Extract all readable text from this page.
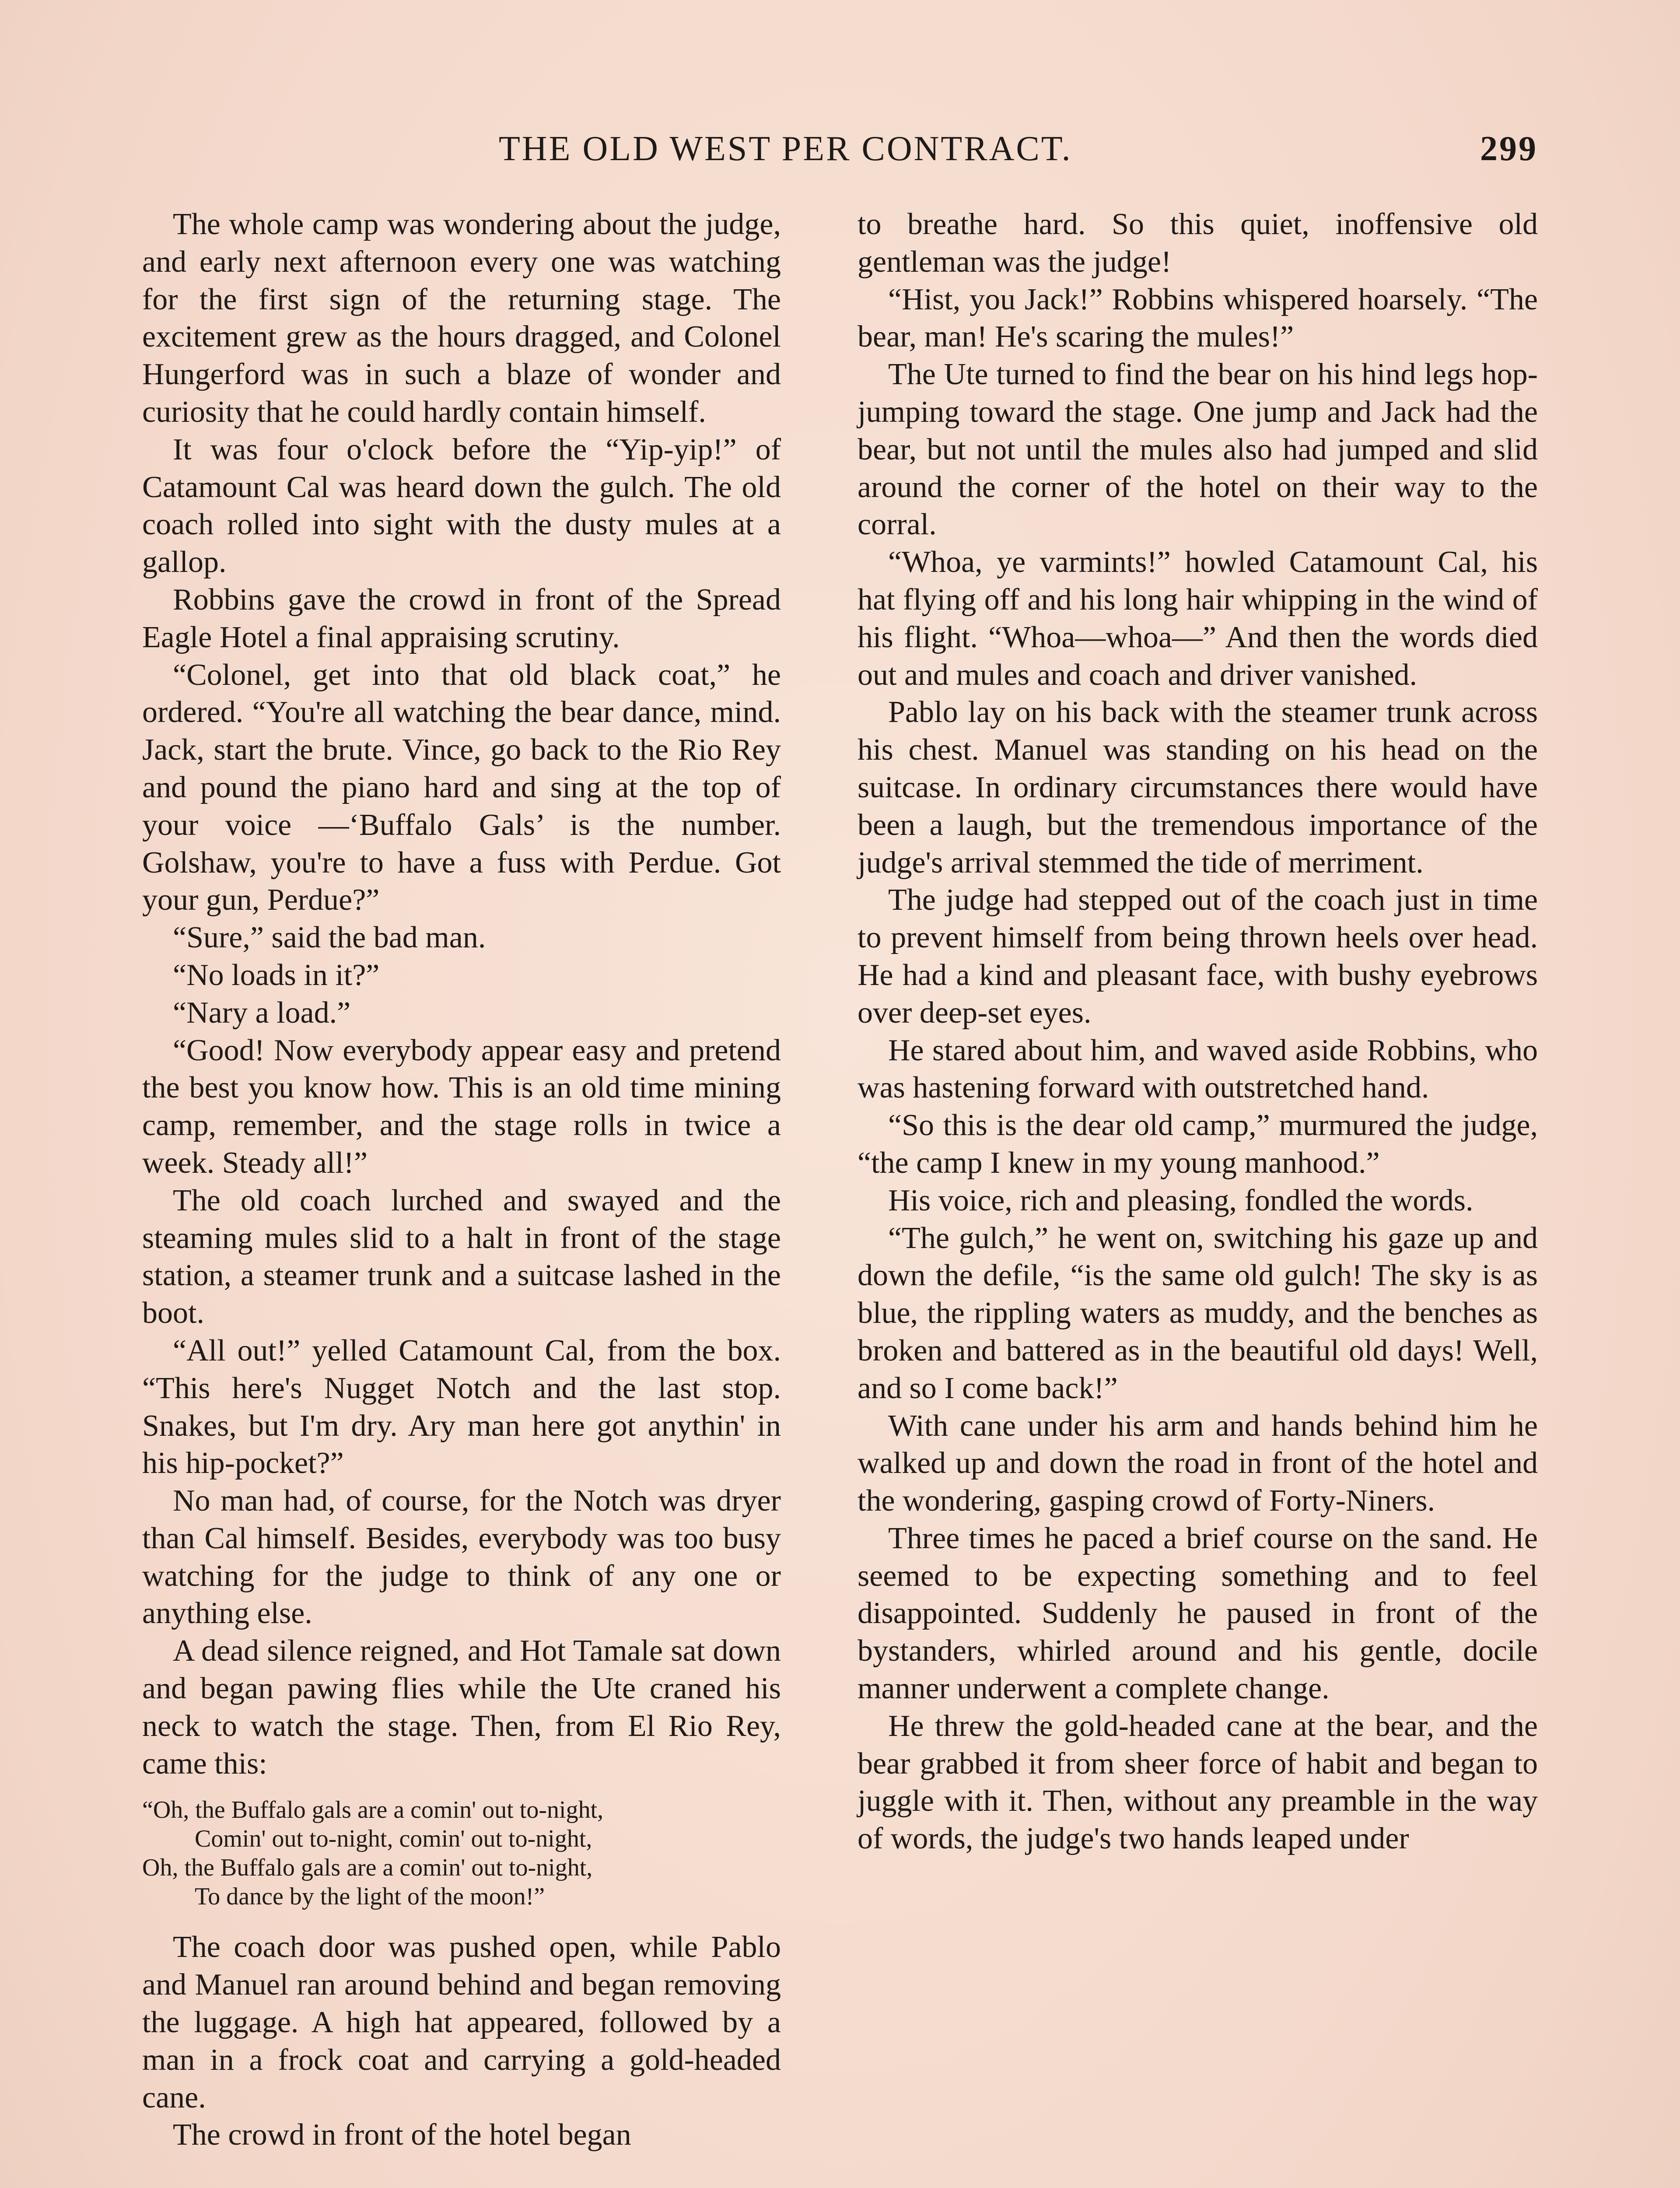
THE OLD WEST PER CONTRACT.	299

The whole camp was wondering about the judge, and early next afternoon every one was watching for the first sign of the returning stage. The excitement grew as the hours dragged, and Colonel Hungerford was in such a blaze of wonder and curiosity that he could hardly contain himself.

It was four o'clock before the “Yip-yip!” of Catamount Cal was heard down the gulch. The old coach rolled into sight with the dusty mules at a gallop.

Robbins gave the crowd in front of the Spread Eagle Hotel a final appraising scrutiny.

“Colonel, get into that old black coat,” he ordered. “You're all watching the bear dance, mind. Jack, start the brute. Vince, go back to the Rio Rey and pound the piano hard and sing at the top of your voice —‘Buffalo Gals’ is the number. Golshaw, you're to have a fuss with Perdue. Got your gun, Perdue?”

“Sure,” said the bad man.

“No loads in it?”

“Nary a load.”

“Good! Now everybody appear easy and pretend the best you know how. This is an old time mining camp, remember, and the stage rolls in twice a week. Steady all!”

The old coach lurched and swayed and the steaming mules slid to a halt in front of the stage station, a steamer trunk and a suitcase lashed in the boot.

“All out!” yelled Catamount Cal, from the box. “This here's Nugget Notch and the last stop. Snakes, but I'm dry. Ary man here got anythin' in his hip-pocket?”

No man had, of course, for the Notch was dryer than Cal himself. Besides, everybody was too busy watching for the judge to think of any one or anything else.

A dead silence reigned, and Hot Tamale sat down and began pawing flies while the Ute craned his neck to watch the stage. Then, from El Rio Rey, came this:

“Oh, the Buffalo gals are a comin' out to-night,
Comin' out to-night, comin' out to-night,
Oh, the Buffalo gals are a comin' out to-night,
To dance by the light of the moon!”

The coach door was pushed open, while Pablo and Manuel ran around behind and began removing the luggage. A high hat appeared, followed by a man in a frock coat and carrying a gold-headed cane.

The crowd in front of the hotel began

to breathe hard. So this quiet, inoffensive old gentleman was the judge!

“Hist, you Jack!” Robbins whispered hoarsely. “The bear, man! He's scaring the mules!”

The Ute turned to find the bear on his hind legs hop-jumping toward the stage. One jump and Jack had the bear, but not until the mules also had jumped and slid around the corner of the hotel on their way to the corral.

“Whoa, ye varmints!” howled Catamount Cal, his hat flying off and his long hair whipping in the wind of his flight. “Whoa—whoa—” And then the words died out and mules and coach and driver vanished.

Pablo lay on his back with the steamer trunk across his chest. Manuel was standing on his head on the suitcase. In ordinary circumstances there would have been a laugh, but the tremendous importance of the judge's arrival stemmed the tide of merriment.

The judge had stepped out of the coach just in time to prevent himself from being thrown heels over head. He had a kind and pleasant face, with bushy eyebrows over deep-set eyes.

He stared about him, and waved aside Robbins, who was hastening forward with outstretched hand.

“So this is the dear old camp,” murmured the judge, “the camp I knew in my young manhood.”

His voice, rich and pleasing, fondled the words.

“The gulch,” he went on, switching his gaze up and down the defile, “is the same old gulch! The sky is as blue, the rippling waters as muddy, and the benches as broken and battered as in the beautiful old days! Well, and so I come back!”

With cane under his arm and hands behind him he walked up and down the road in front of the hotel and the wondering, gasping crowd of Forty-Niners.

Three times he paced a brief course on the sand. He seemed to be expecting something and to feel disappointed. Suddenly he paused in front of the bystanders, whirled around and his gentle, docile manner underwent a complete change.

He threw the gold-headed cane at the bear, and the bear grabbed it from sheer force of habit and began to juggle with it. Then, without any preamble in the way of words, the judge's two hands leaped under
